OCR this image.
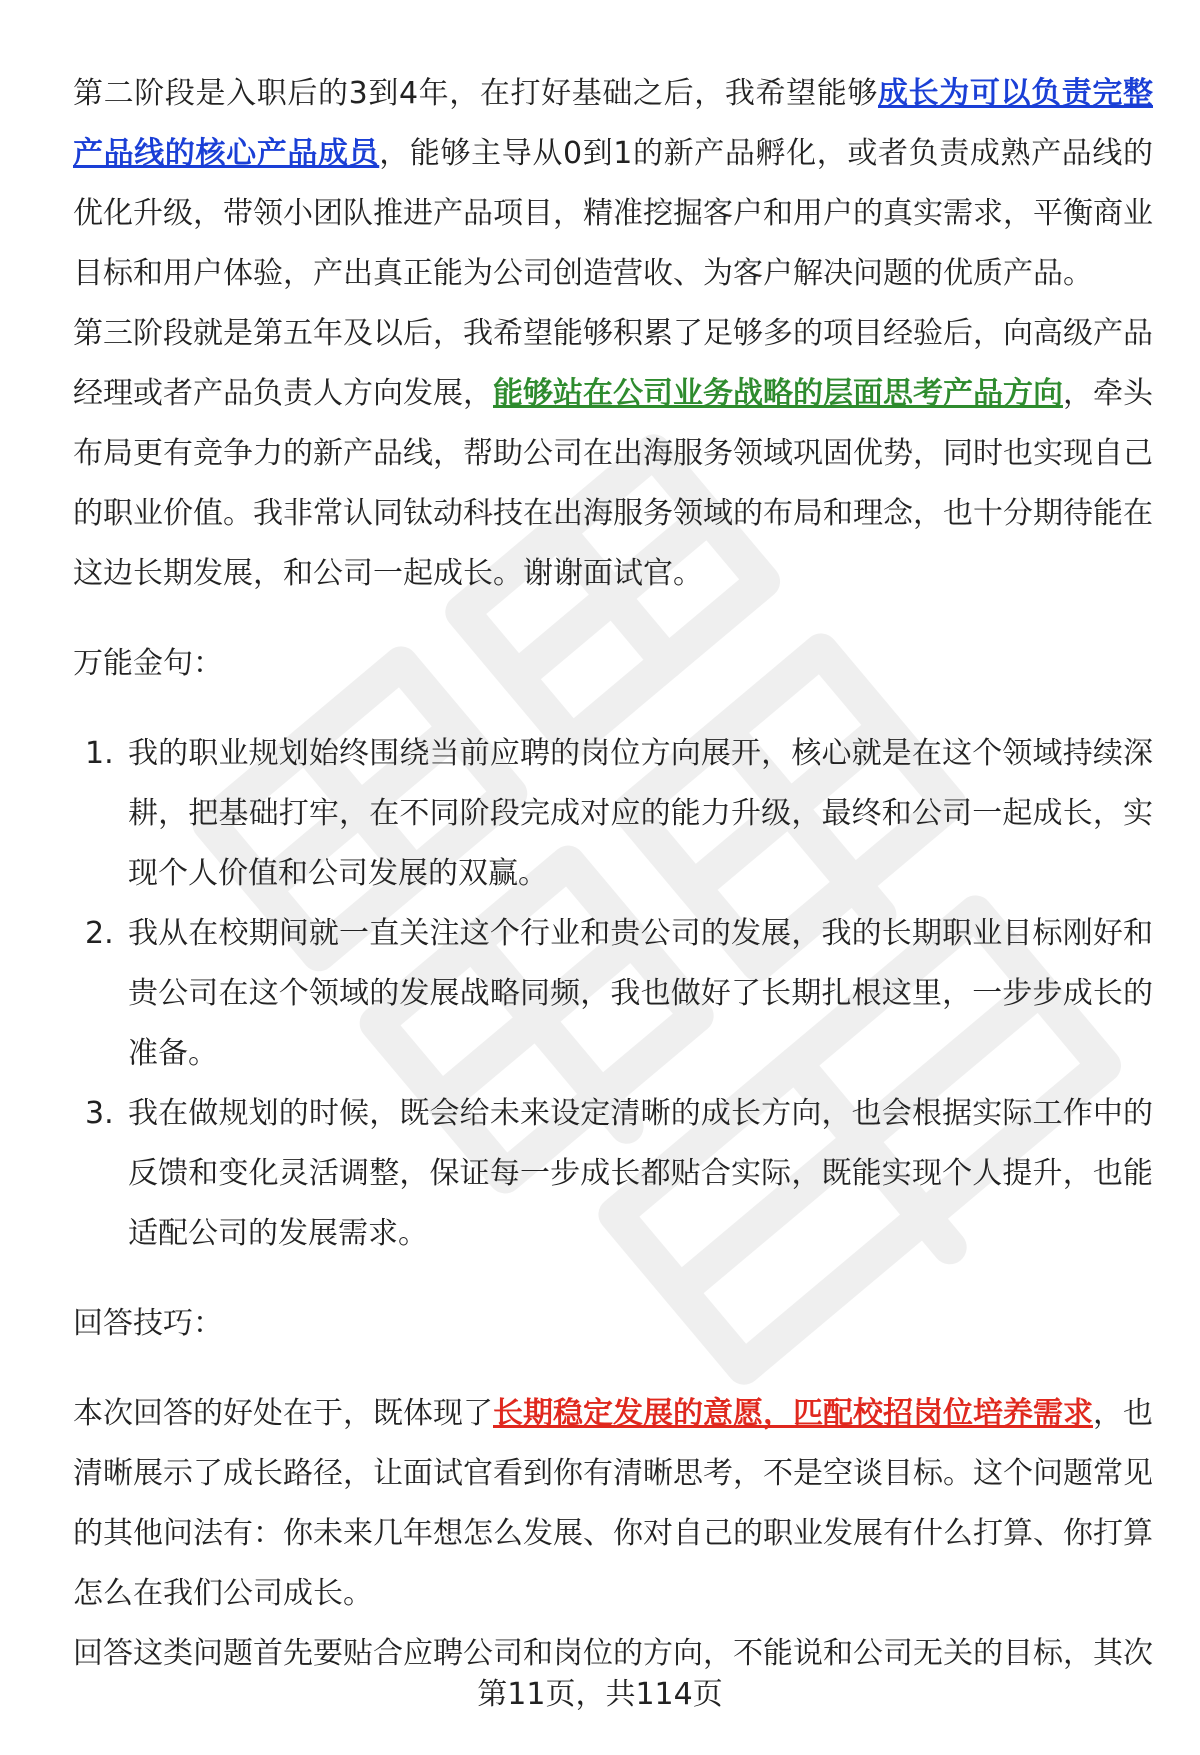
第二阶段是入职后的3到4年，在打好基础之后，我希望能够成长为可以负责完整产品线的核心产品成员，能够主导从0到1的新产品孵化，或者负责成熟产品线的优化升级，带领小团队推进产品项目，精准挖掘客户和用户的真实需求，平衡商业目标和用户体验，产出真正能为公司创造营收、为客户解决问题的优质产品。

第三阶段就是第五年及以后，我希望能够积累了足够多的项目经验后，向高级产品经理或者产品负责人方向发展，能够站在公司业务战略的层面思考产品方向，牵头布局更有竞争力的新产品线，帮助公司在出海服务领域巩固优势，同时也实现自己的职业价值。我非常认同钛动科技在出海服务领域的布局和理念，也十分期待能在这边长期发展，和公司一起成长。谢谢面试官。

万能金句：

1. 我的职业规划始终围绕当前应聘的岗位方向展开，核心就是在这个领域持续深耕，把基础打牢，在不同阶段完成对应的能力升级，最终和公司一起成长，实现个人价值和公司发展的双赢。
2. 我从在校期间就一直关注这个行业和贵公司的发展，我的长期职业目标刚好和贵公司在这个领域的发展战略同频，我也做好了长期扎根这里，一步步成长的准备。
3. 我在做规划的时候，既会给未来设定清晰的成长方向，也会根据实际工作中的反馈和变化灵活调整，保证每一步成长都贴合实际，既能实现个人提升，也能适配公司的发展需求。

回答技巧：

本次回答的好处在于，既体现了长期稳定发展的意愿，匹配校招岗位培养需求，也清晰展示了成长路径，让面试官看到你有清晰思考，不是空谈目标。这个问题常见的其他问法有：你未来几年想怎么发展、你对自己的职业发展有什么打算、你打算怎么在我们公司成长。

回答这类问题首先要贴合应聘公司和岗位的方向，不能说和公司无关的目标，其次

第11页，共114页
